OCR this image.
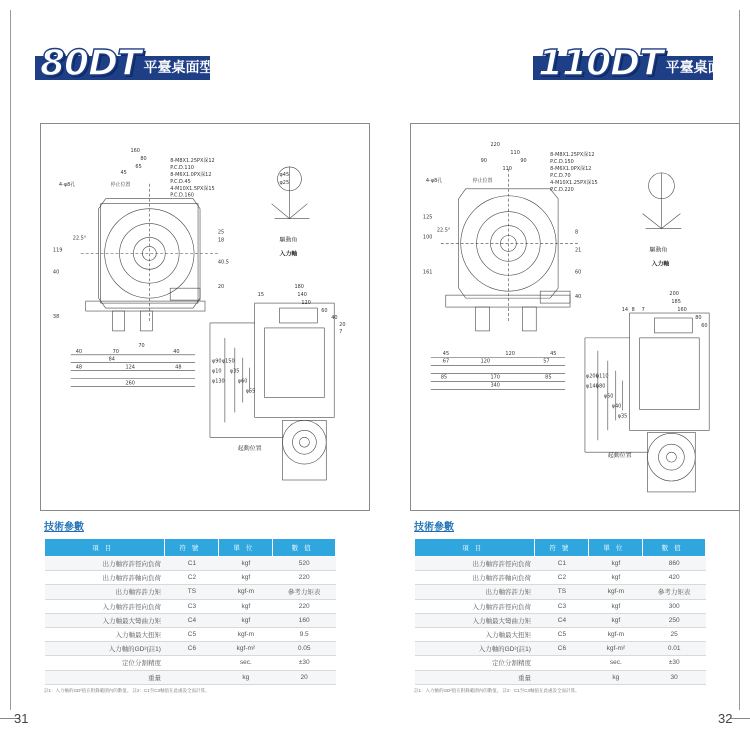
80DT 平臺桌面型
160
80
65
45
8-M8X1.25PX深12
P.C.D.110
8-M6X1.0PX深12
P.C.D.45
4-M10X1.5PX深15
P.C.D.160
4-φ8孔	停止位置
22.5°
40
119
38
25
18
40.5
20
40
70
70	40
84
124
48	48
260
φ45
φ25
驅動角
入力軸
180
140
15
120
60
40
20
7
φ90
φ10
φ130
φ150
φ35
φ60
φ55
起動位置
技術參數
項目	符號	單位	數值
出力軸容許徑向負荷	C1	kgf	520
出力軸容許軸向負荷	C2	kgf	220
出力軸容許力矩	TS	kgf-m	參考力矩表
入力軸容許徑向負荷	C3	kgf	220
入力軸最大彎曲力矩	C4	kgf	160
入力軸最大扭矩	C5	kgf-m	9.5
入力軸的GD²(註1)	C6	kgf-m²	0.05
定位分割精度		sec.	±30
重量		kg	20
註1：入力軸的GD²值在附錄範圍內的數值。 註2：C1至C3軸值在此處設全面計算。
31
110DT 平臺桌面型
220
110
90	90
110
8-M8X1.25PX深12
P.C.D.150
8-M6X1.0PX深12
P.C.D.70
4-M10X1.25PX深15
P.C.D.220
4-φ8孔	停止位置
22.5°
125
100
161
8
21
60
40
45
67	120
120
57
45
85	170	85
340
驅動角
入力軸
200
185
160
80
60
14 8 7
φ200
φ140
φ110
φ80
φ50
φ40
φ35
起動位置
技術參數
項目	符號	單位	數值
出力軸容許徑向負荷	C1	kgf	860
出力軸容許軸向負荷	C2	kgf	420
出力軸容許力矩	TS	kgf-m	參考力矩表
入力軸容許徑向負荷	C3	kgf	300
入力軸最大彎曲力矩	C4	kgf	250
入力軸最大扭矩	C5	kgf-m	25
入力軸的GD²(註1)	C6	kgf-m²	0.01
定位分割精度		sec.	±30
重量		kg	30
註1：入力軸的GD²值在附錄範圍內的數值。 註2：C1至C3軸值在此處設全面計算。
32
